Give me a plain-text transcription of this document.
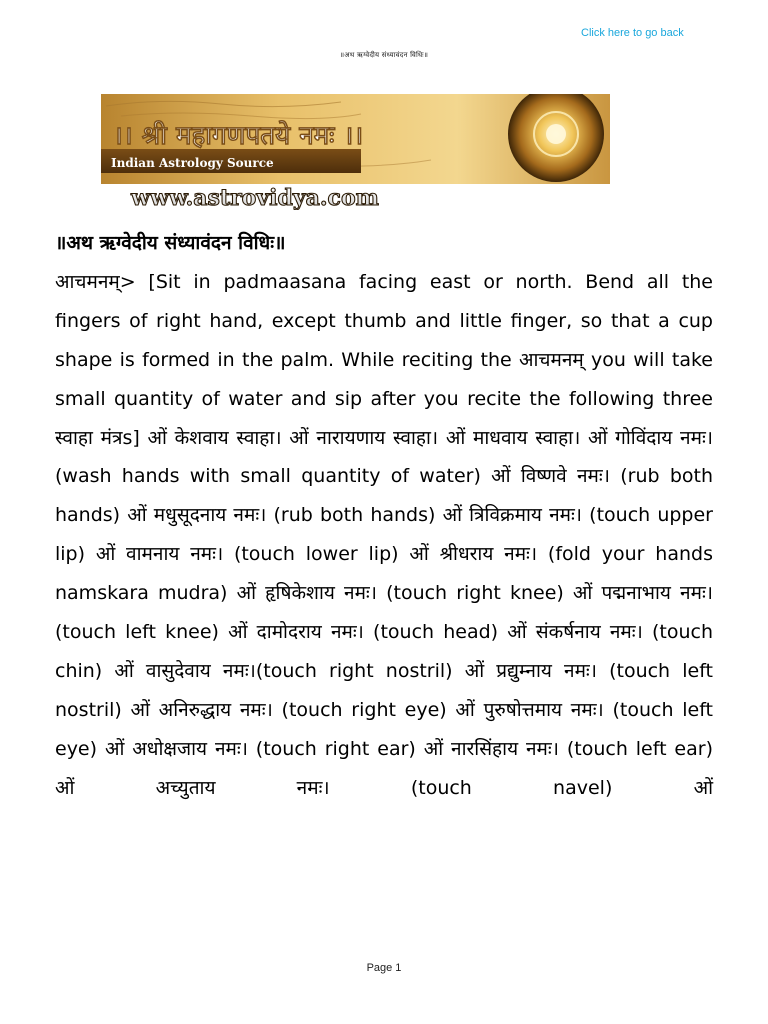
Click here to go back
॥अथ ऋग्वेदीय संध्यावंदन विधिः॥
।। श्री महागणपतये नमः ।।
Indian Astrology Source
www.astrovidya.com

॥अथ ऋग्वेदीय संध्यावंदन विधिः॥

आचमनम्> [Sit in padmaasana facing east or north. Bend all the fingers of right hand, except thumb and little finger, so that a cup shape is formed in the palm. While reciting the आचमनम् you will take small quantity of water and sip after you recite the following three स्वाहा मंत्रs] ओं केशवाय स्वाहा। ओं नारायणाय स्वाहा। ओं माधवाय स्वाहा। ओं गोविंदाय नमः। (wash hands with small quantity of water) ओं विष्णवे नमः। (rub both hands) ओं मधुसूदनाय नमः। (rub both hands) ओं त्रिविक्रमाय नमः। (touch upper lip) ओं वामनाय नमः। (touch lower lip) ओं श्रीधराय नमः। (fold your hands namskara mudra) ओं हृषिकेशाय नमः। (touch right knee) ओं पद्मनाभाय नमः। (touch left knee) ओं दामोदराय नमः। (touch head) ओं संकर्षनाय नमः। (touch chin) ओं वासुदेवाय नमः।(touch right nostril) ओं प्रद्युम्नाय नमः। (touch left nostril) ओं अनिरुद्धाय नमः। (touch right eye) ओं पुरुषोत्तमाय नमः। (touch left eye) ओं अधोक्षजाय नमः। (touch right ear) ओं नारसिंहाय नमः। (touch left ear) ओं अच्युताय नमः। (touch navel) ओं

Page 1
